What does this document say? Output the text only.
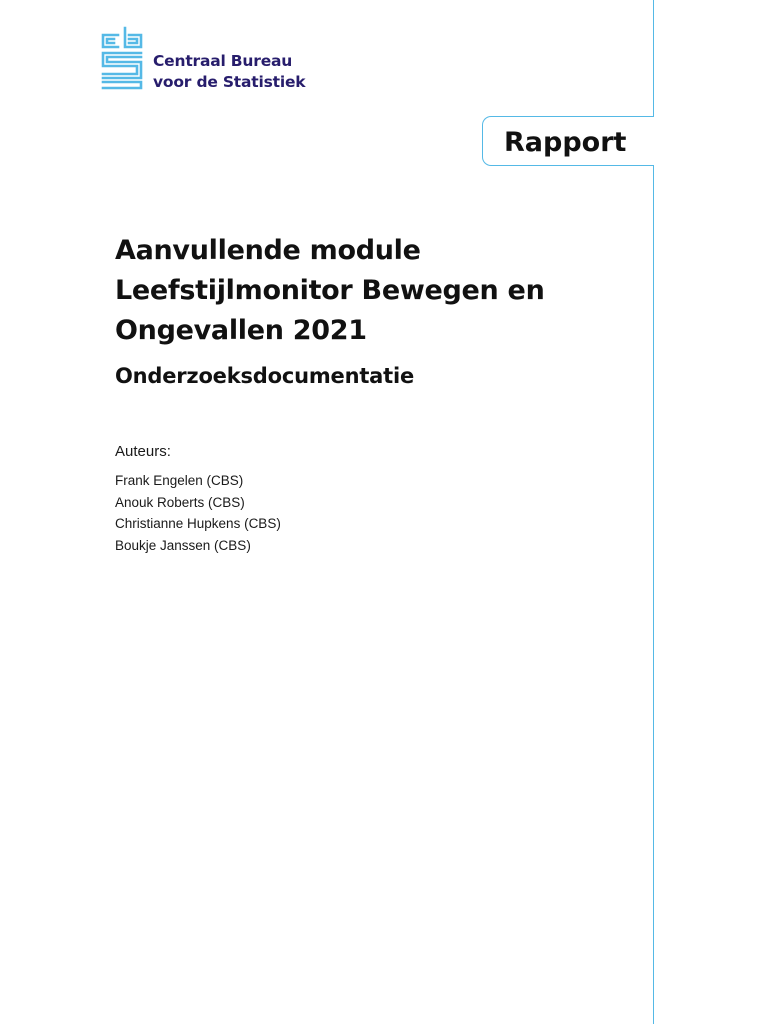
Centraal Bureau
voor de Statistiek
Rapport
Aanvullende module
Leefstijlmonitor Bewegen en
Ongevallen 2021
Onderzoeksdocumentatie
Auteurs:
Frank Engelen (CBS)
Anouk Roberts (CBS)
Christianne Hupkens (CBS)
Boukje Janssen (CBS)
